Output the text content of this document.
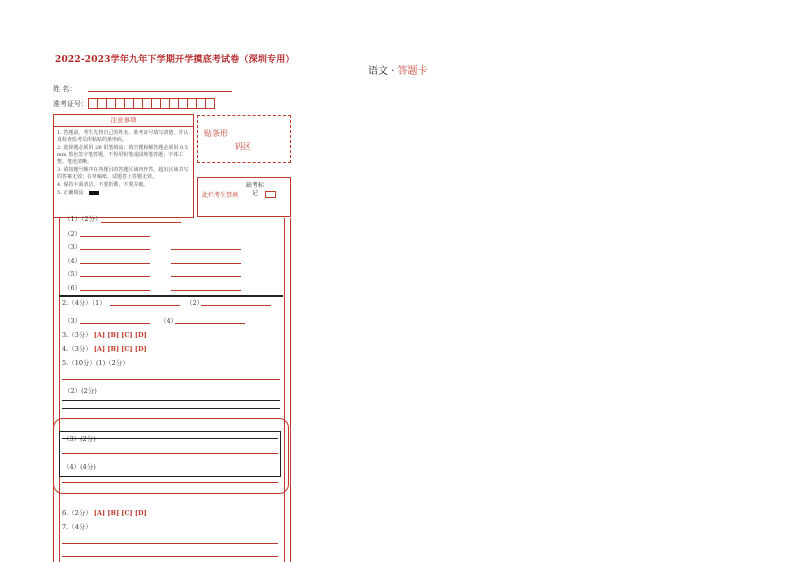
2022-2023学年九年下学期开学摸底考试卷（深圳专用）
语文 · 答题卡
姓 名：
准考证号：
注意事项
1. 答题前，考生先将自己的姓名、准考证号填写清楚，并认真检查监考员所粘贴的条形码。
2. 选择题必须用 2B 铅笔填涂；填空题和解答题必须用 0.5 mm 黑色签字笔答题，不得用铅笔或圆珠笔答题；字体工整、笔迹清晰。
3. 请按题号顺序在各题目的答题区域内作答，超出区域书写的答案无效；在草稿纸、试题卷上答题无效。
4. 保持卡面清洁，不要折叠、不要弄破。
5. 正确填涂
贴条形
码区
此栏考生禁填
缺考标记
（1）（2分）
（2）
（3）
（4）
（5）
（6）
2.（4分）（1）	（2）
（3）	（4）
3.（3分） [A] [B] [C] [D]
4.（3分） [A] [B] [C] [D]
5.（10分）(1)（2分）
（2）(2分)
（3）(2分)
（4）(4分)
6.（2分） [A] [B] [C] [D]
7.（4分）
